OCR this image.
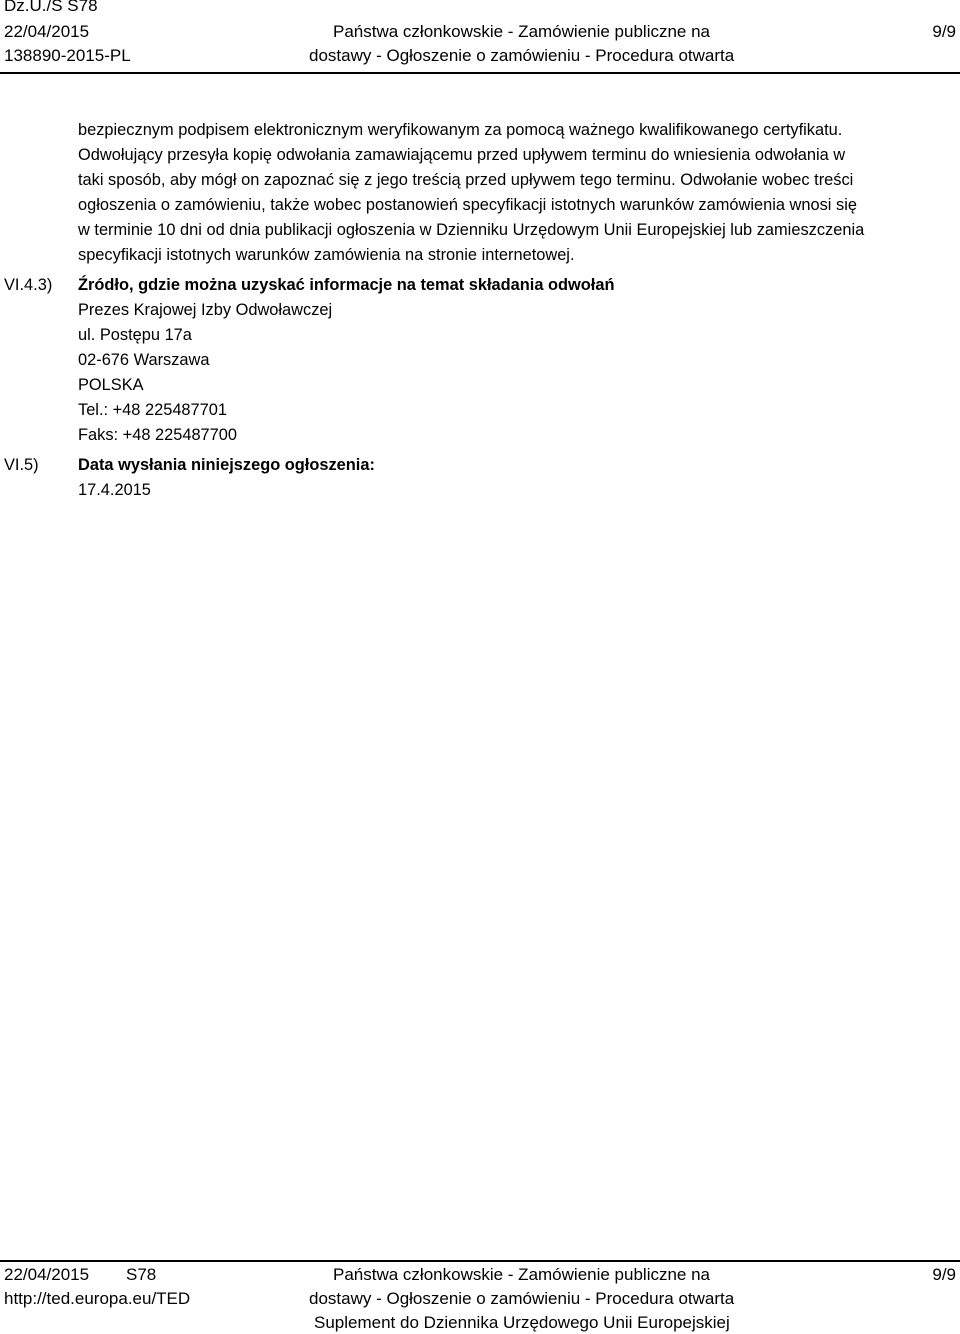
Dz.U./S S78
22/04/2015
138890-2015-PL
Państwa członkowskie - Zamówienie publiczne na
dostawy - Ogłoszenie o zamówieniu - Procedura otwarta
9/9
bezpiecznym podpisem elektronicznym weryfikowanym za pomocą ważnego kwalifikowanego certyfikatu.
Odwołujący przesyła kopię odwołania zamawiającemu przed upływem terminu do wniesienia odwołania w
taki sposób, aby mógł on zapoznać się z jego treścią przed upływem tego terminu. Odwołanie wobec treści
ogłoszenia o zamówieniu, także wobec postanowień specyfikacji istotnych warunków zamówienia wnosi się
w terminie 10 dni od dnia publikacji ogłoszenia w Dzienniku Urzędowym Unii Europejskiej lub zamieszczenia
specyfikacji istotnych warunków zamówienia na stronie internetowej.
VI.4.3) Źródło, gdzie można uzyskać informacje na temat składania odwołań
Prezes Krajowej Izby Odwoławczej
ul. Postępu 17a
02-676 Warszawa
POLSKA
Tel.: +48 225487701
Faks: +48 225487700
VI.5) Data wysłania niniejszego ogłoszenia:
17.4.2015
22/04/2015 S78
http://ted.europa.eu/TED
Państwa członkowskie - Zamówienie publiczne na
dostawy - Ogłoszenie o zamówieniu - Procedura otwarta
Suplement do Dziennika Urzędowego Unii Europejskiej
9/9
